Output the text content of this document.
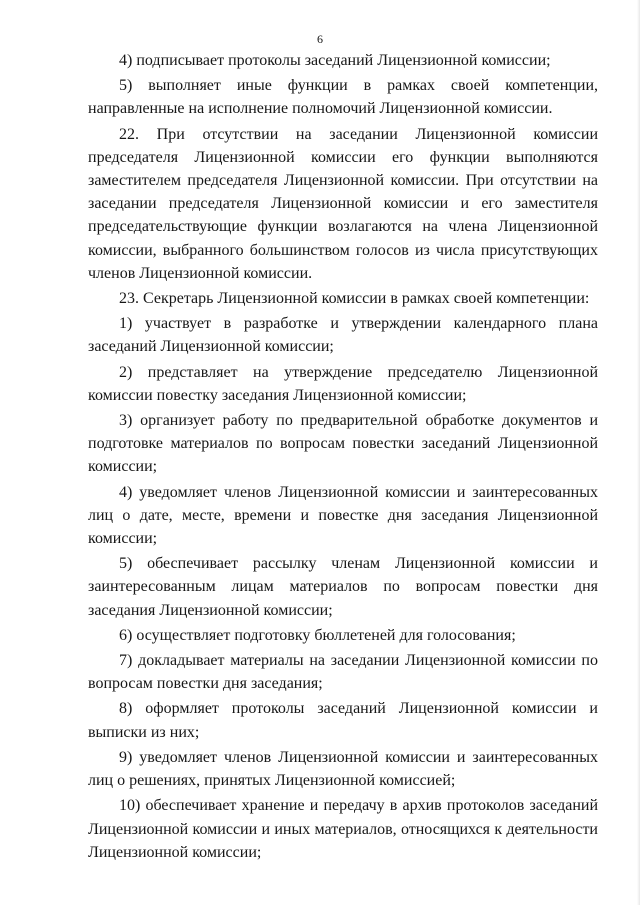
6

4) подписывает протоколы заседаний Лицензионной комиссии;

5) выполняет иные функции в рамках своей компетенции, направленные на исполнение полномочий Лицензионной комиссии.

22. При отсутствии на заседании Лицензионной комиссии председателя Лицензионной комиссии его функции выполняются заместителем председателя Лицензионной комиссии. При отсутствии на заседании председателя Лицензионной комиссии и его заместителя председательствующие функции возлагаются на члена Лицензионной комиссии, выбранного большинством голосов из числа присутствующих членов Лицензионной комиссии.

23. Секретарь Лицензионной комиссии в рамках своей компетенции:

1) участвует в разработке и утверждении календарного плана заседаний Лицензионной комиссии;

2) представляет на утверждение председателю Лицензионной комиссии повестку заседания Лицензионной комиссии;

3) организует работу по предварительной обработке документов и подготовке материалов по вопросам повестки заседаний Лицензионной комиссии;

4) уведомляет членов Лицензионной комиссии и заинтересованных лиц о дате, месте, времени и повестке дня заседания Лицензионной комиссии;

5) обеспечивает рассылку членам Лицензионной комиссии и заинтересованным лицам материалов по вопросам повестки дня заседания Лицензионной комиссии;

6) осуществляет подготовку бюллетеней для голосования;

7) докладывает материалы на заседании Лицензионной комиссии по вопросам повестки дня заседания;

8) оформляет протоколы заседаний Лицензионной комиссии и выписки из них;

9) уведомляет членов Лицензионной комиссии и заинтересованных лиц о решениях, принятых Лицензионной комиссией;

10) обеспечивает хранение и передачу в архив протоколов заседаний Лицензионной комиссии и иных материалов, относящихся к деятельности Лицензионной комиссии;
